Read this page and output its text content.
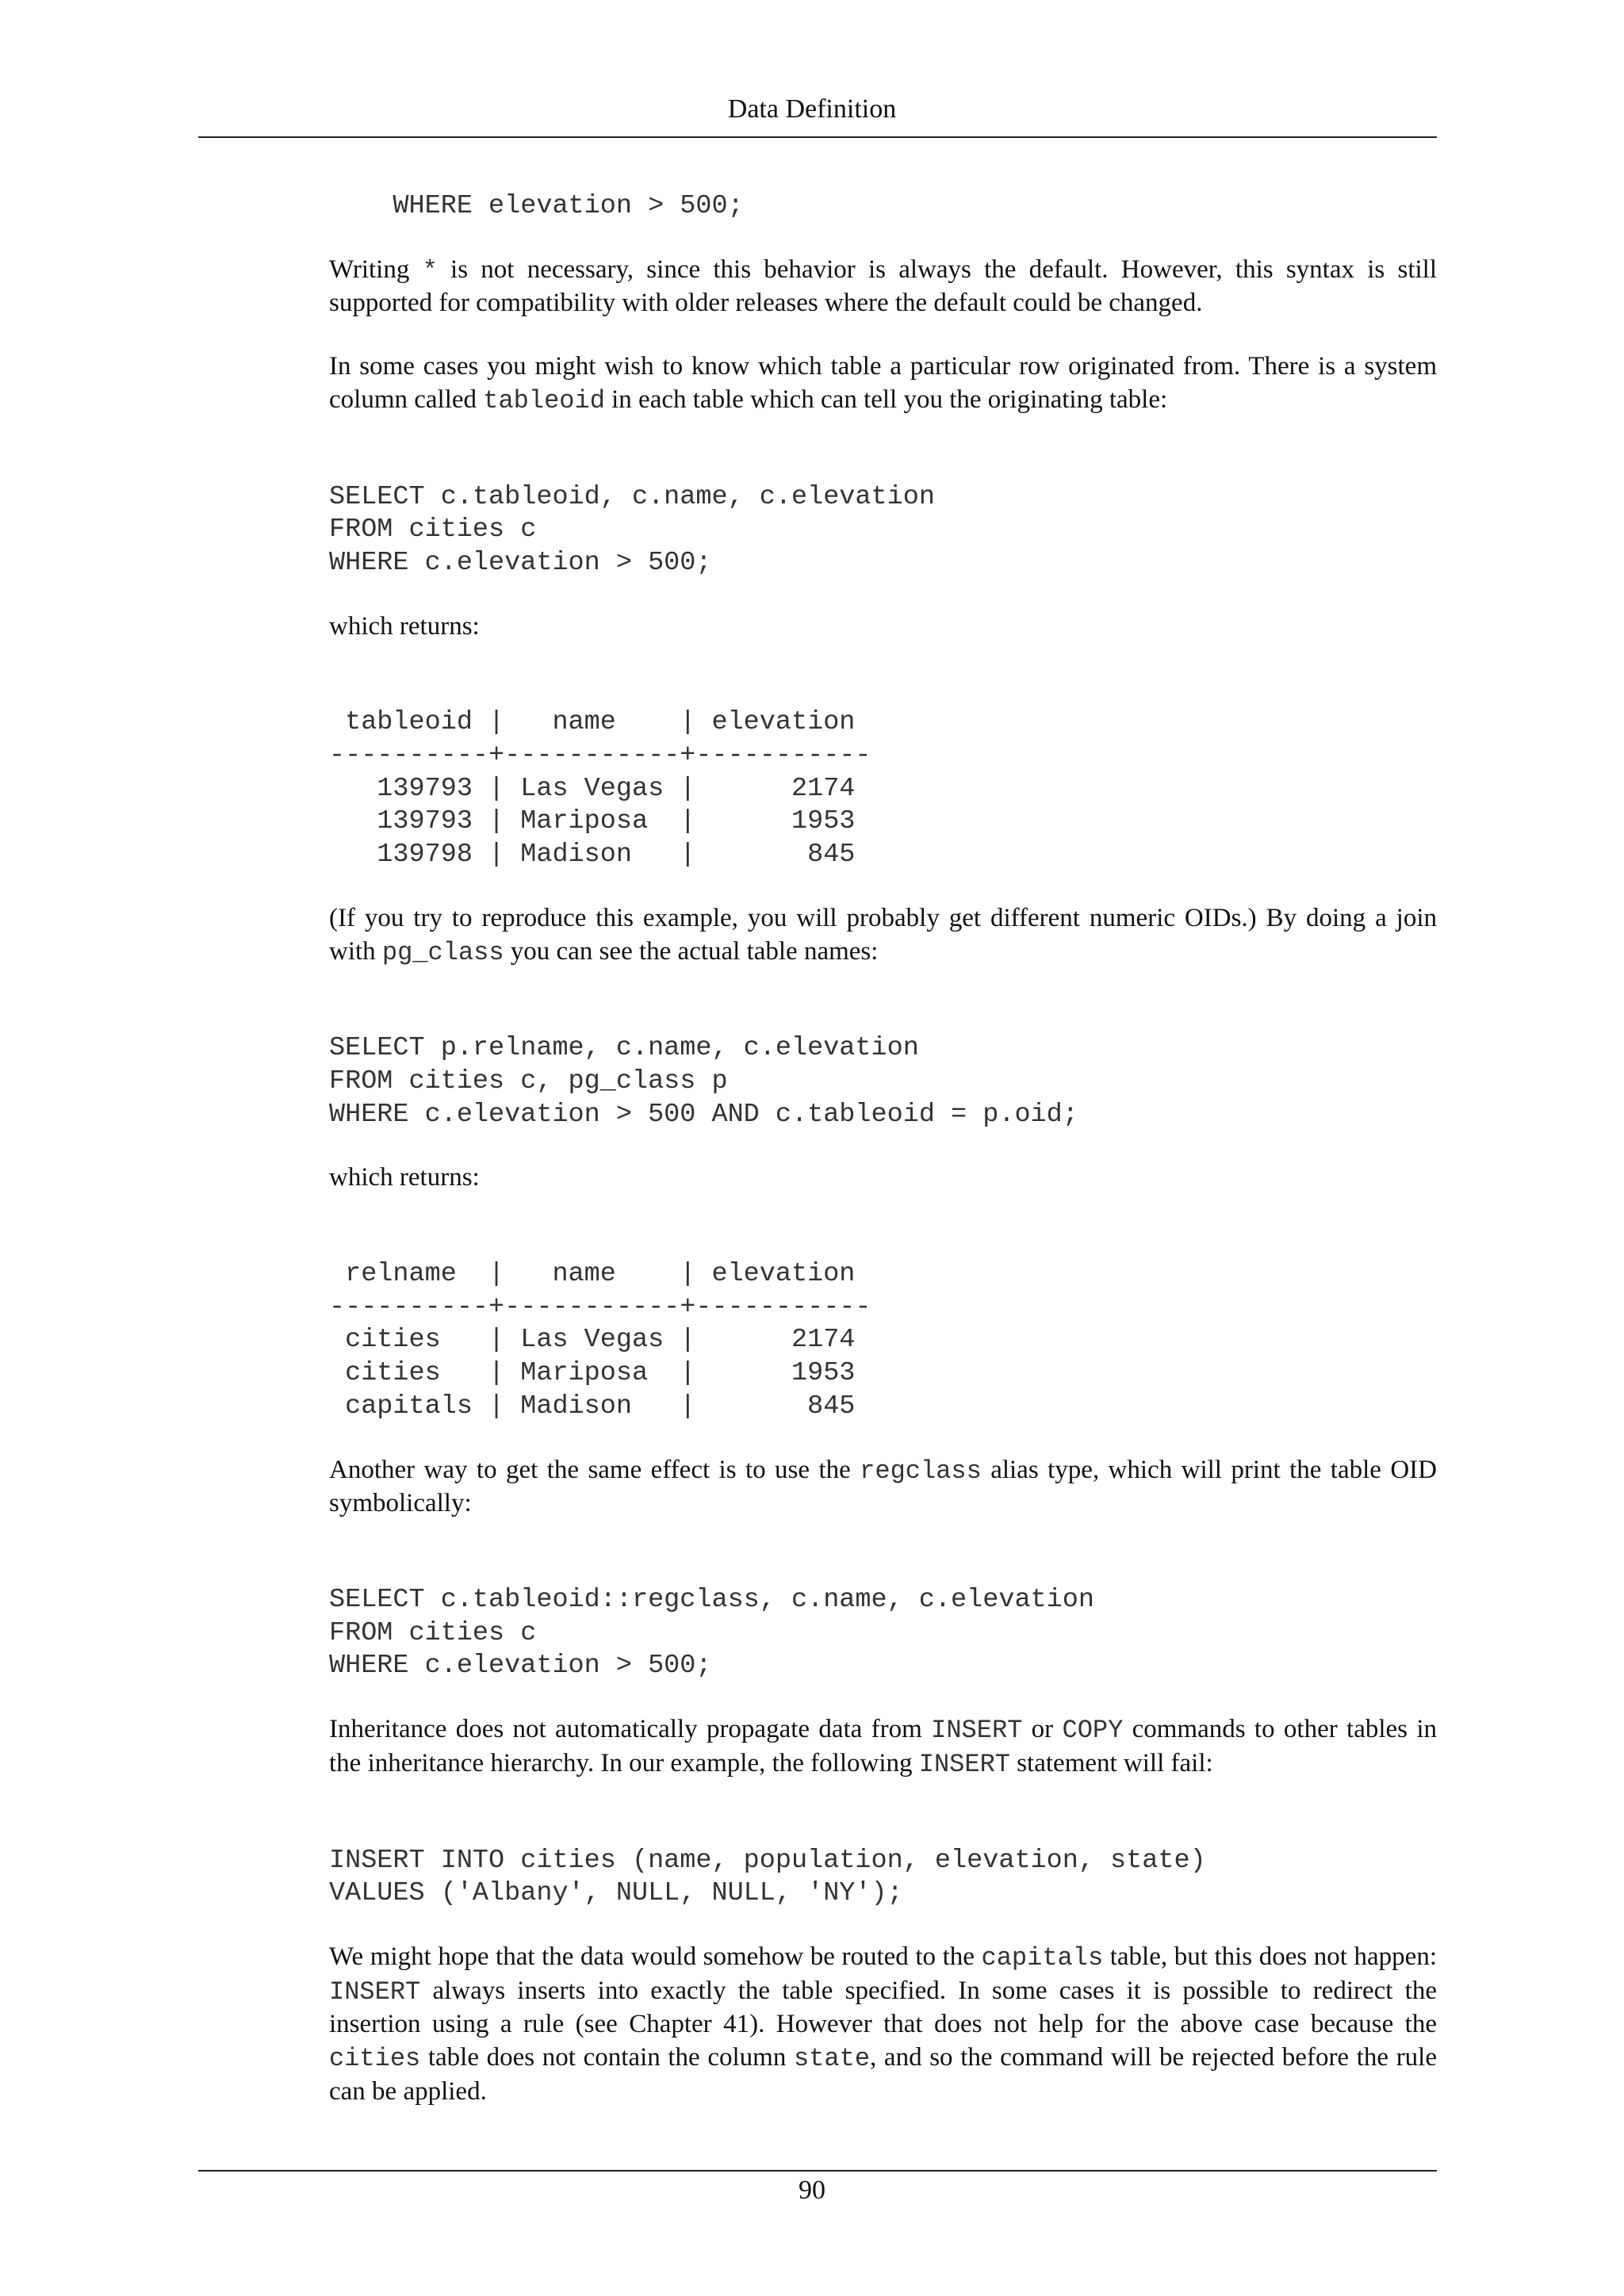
Data Definition
WHERE elevation > 500;

Writing * is not necessary, since this behavior is always the default. However, this syntax is still supported for compatibility with older releases where the default could be changed.

In some cases you might wish to know which table a particular row originated from. There is a system column called tableoid in each table which can tell you the originating table:

SELECT c.tableoid, c.name, c.elevation
FROM cities c
WHERE c.elevation > 500;

which returns:

tableoid |   name    | elevation
----------+-----------+-----------
139793 | Las Vegas |      2174
139793 | Mariposa  |      1953
139798 | Madison   |       845

(If you try to reproduce this example, you will probably get different numeric OIDs.) By doing a join with pg_class you can see the actual table names:

SELECT p.relname, c.name, c.elevation
FROM cities c, pg_class p
WHERE c.elevation > 500 AND c.tableoid = p.oid;

which returns:

relname  |   name    | elevation
----------+-----------+-----------
cities   | Las Vegas |      2174
cities   | Mariposa  |      1953
capitals | Madison   |       845

Another way to get the same effect is to use the regclass alias type, which will print the table OID symbolically:

SELECT c.tableoid::regclass, c.name, c.elevation
FROM cities c
WHERE c.elevation > 500;

Inheritance does not automatically propagate data from INSERT or COPY commands to other tables in the inheritance hierarchy. In our example, the following INSERT statement will fail:

INSERT INTO cities (name, population, elevation, state)
VALUES ('Albany', NULL, NULL, 'NY');

We might hope that the data would somehow be routed to the capitals table, but this does not happen: INSERT always inserts into exactly the table specified. In some cases it is possible to redirect the insertion using a rule (see Chapter 41). However that does not help for the above case because the cities table does not contain the column state, and so the command will be rejected before the rule can be applied.

90
